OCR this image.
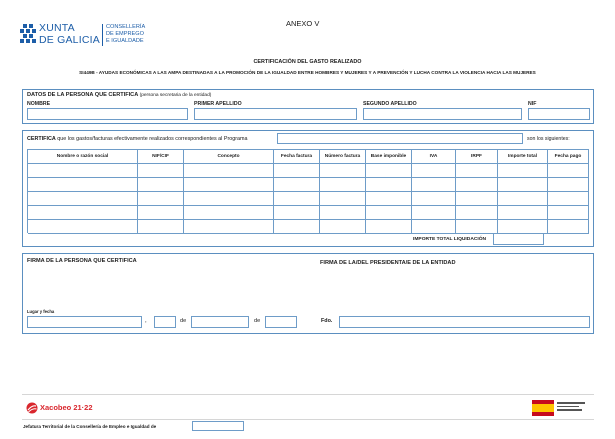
XUNTA
DE GALICIA
CONSELLERÍA
DE EMPREGO
E IGUALDADE
ANEXO V
CERTIFICACIÓN DEL GASTO REALIZADO
SI449B - AYUDAS ECONÓMICAS A LAS AMPA DESTINADAS A LA PROMOCIÓN DE LA IGUALDAD ENTRE HOMBRES Y MUJERES Y A PREVENCIÓN Y LUCHA CONTRA LA VIOLENCIA HACIA LAS MUJERES
DATOS DE LA PERSONA QUE CERTIFICA (persona secretaria de la entidad)
NOMBRE	PRIMER APELLIDO	SEGUNDO APELLIDO	NIF
CERTIFICA que los gastos/facturas efectivamente realizados correspondientes al Programa	son los siguientes:
Nombre o razón social	NIF/CIF	Concepto	Fecha factura	Número factura	Base imponible	IVA	IRPF	Importe total	Fecha pago
IMPORTE TOTAL LIQUIDACIÓN
FIRMA DE LA PERSONA QUE CERTIFICA	FIRMA DE LA/DEL PRESIDENTA/E DE LA ENTIDAD
Lugar y fecha
,	de	de	Fdo.
Xacobeo 21·22
Jefatura Territorial de la Consellería de Empleo e Igualdad de
